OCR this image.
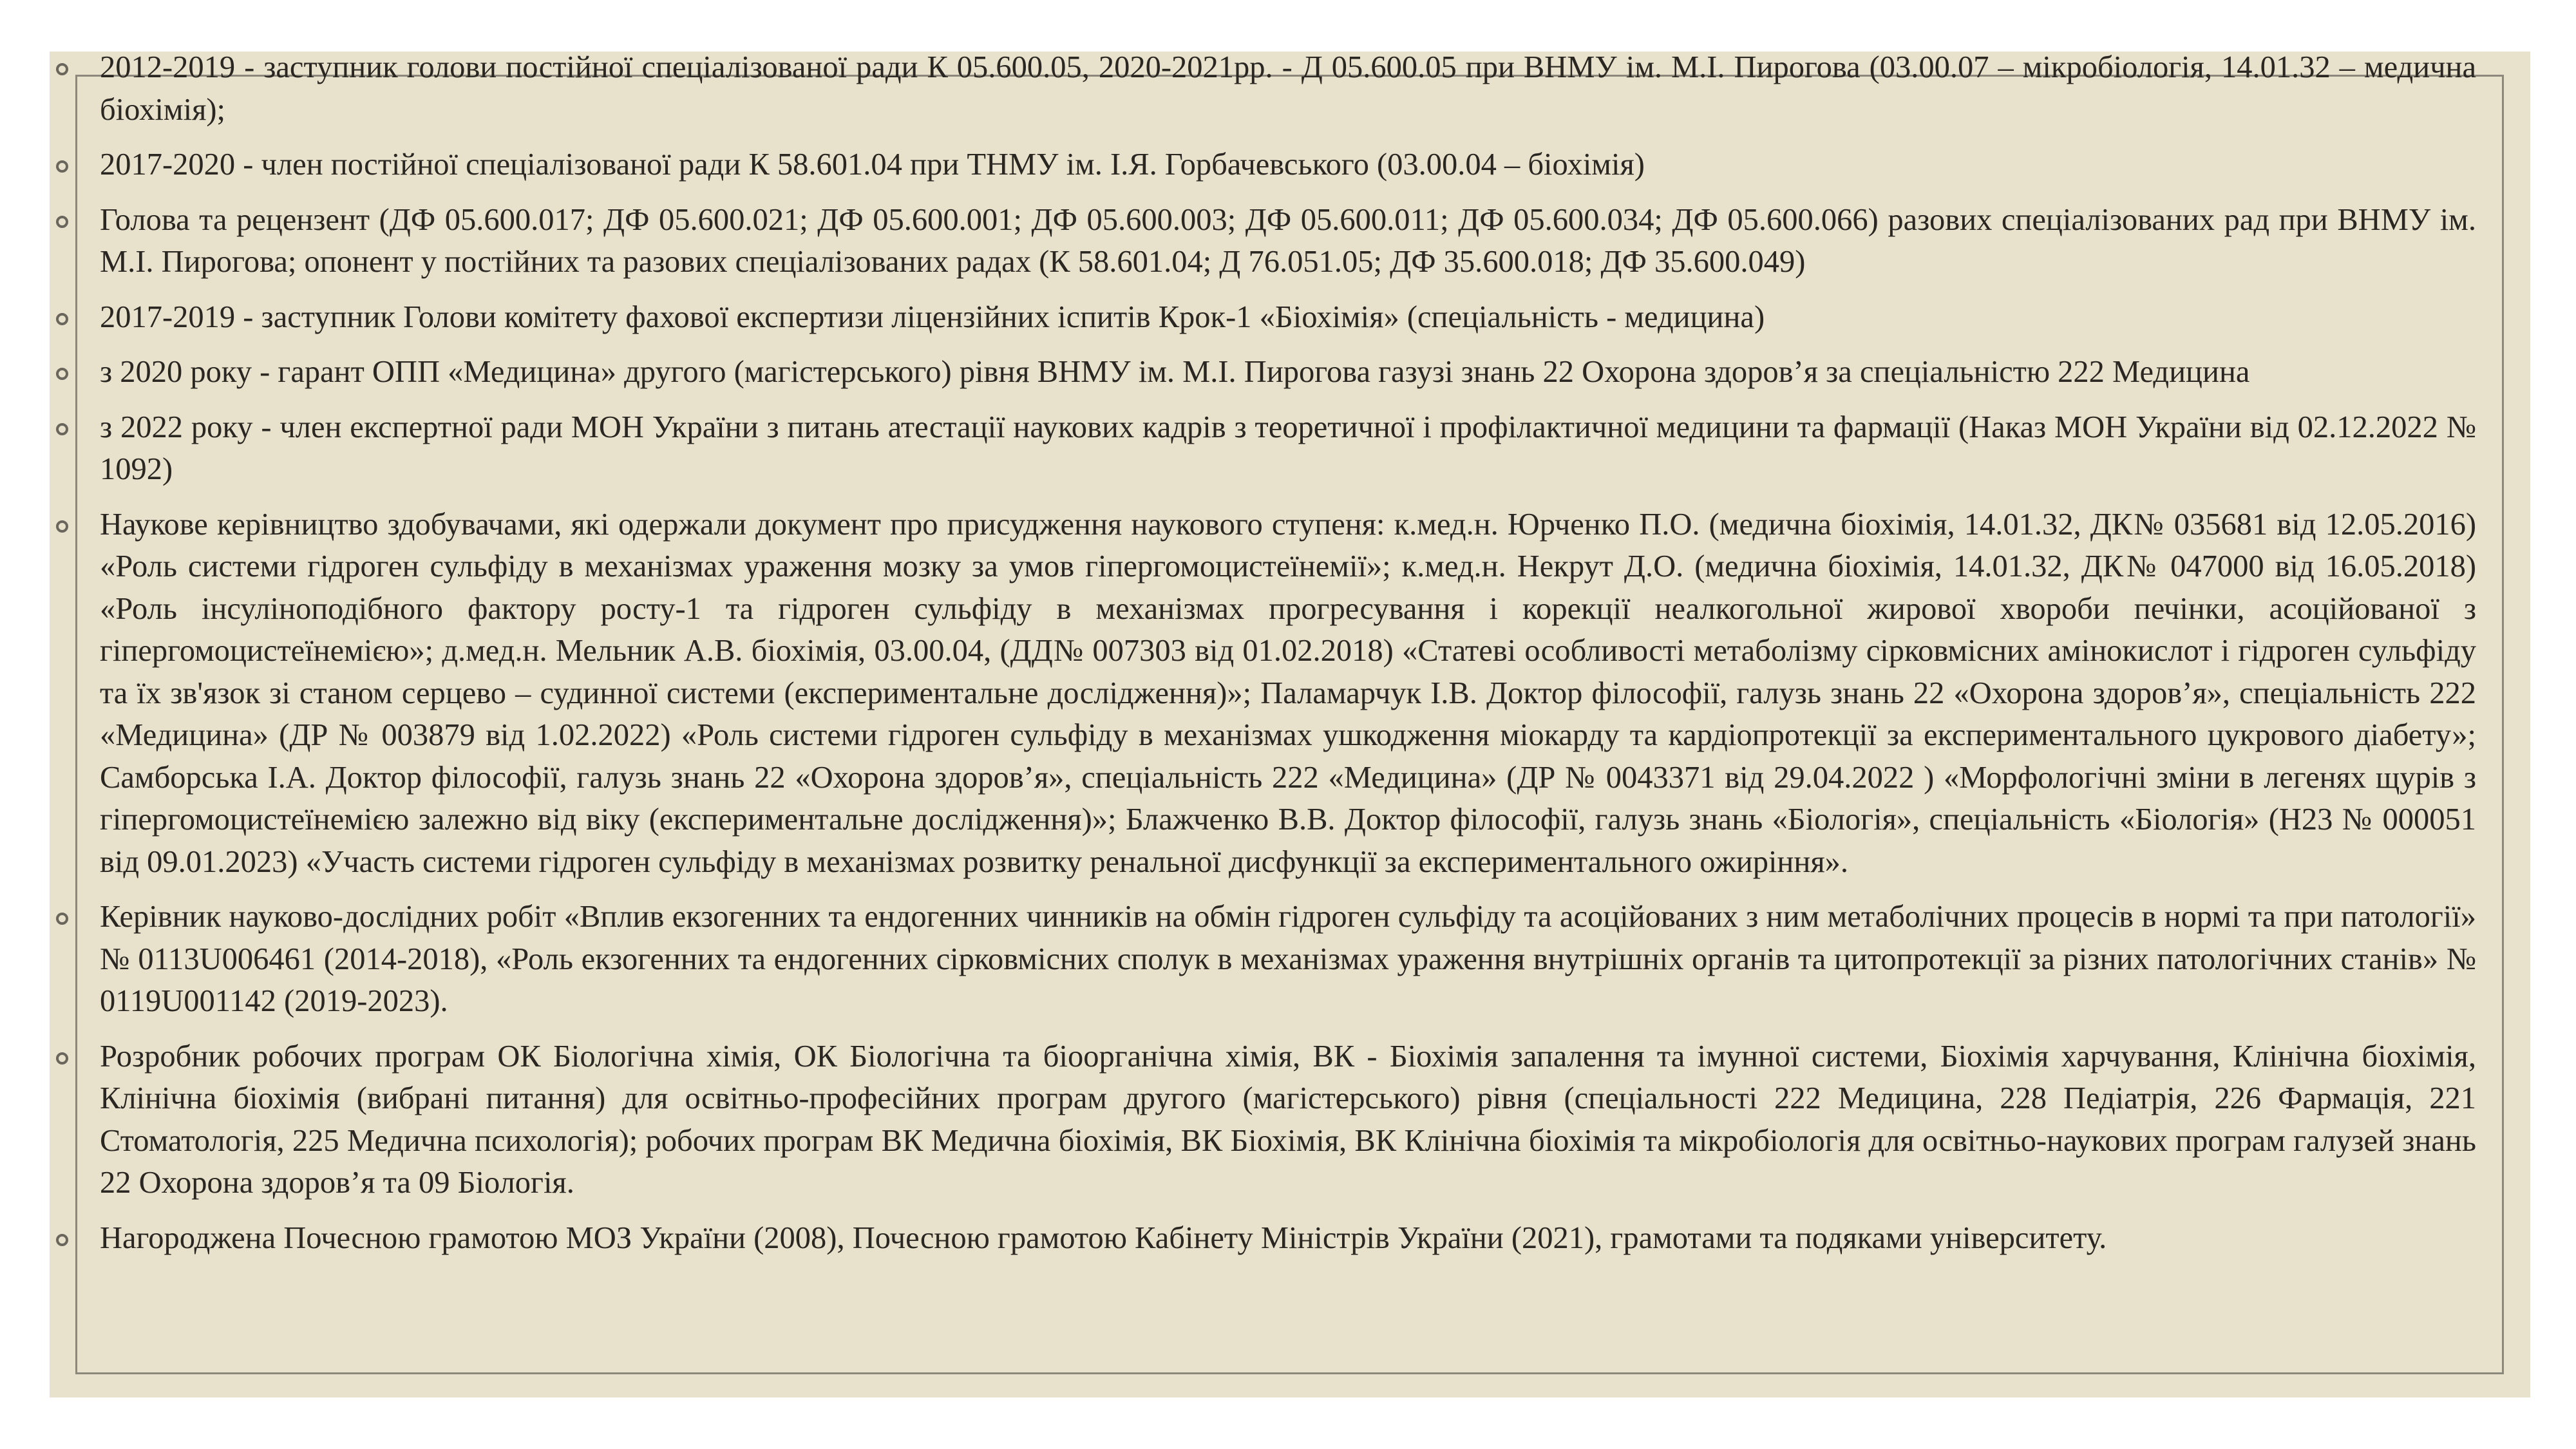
2012-2019 - заступник голови постійної спеціалізованої ради К 05.600.05, 2020-2021рр. - Д 05.600.05 при ВНМУ ім. М.І. Пирогова (03.00.07 – мікробіологія, 14.01.32 – медична біохімія);
2017-2020 - член постійної спеціалізованої ради К 58.601.04 при ТНМУ ім. І.Я. Горбачевського (03.00.04 – біохімія)
Голова та рецензент (ДФ 05.600.017; ДФ 05.600.021; ДФ 05.600.001; ДФ 05.600.003; ДФ 05.600.011; ДФ 05.600.034; ДФ 05.600.066) разових спеціалізованих рад при ВНМУ ім. М.І. Пирогова; опонент у постійних та разових спеціалізованих радах (К 58.601.04; Д 76.051.05; ДФ 35.600.018; ДФ 35.600.049)
2017-2019 - заступник Голови комітету фахової експертизи ліцензійних іспитів Крок-1 «Біохімія» (спеціальність - медицина)
з 2020 року - гарант ОПП «Медицина» другого (магістерського) рівня ВНМУ ім. М.І. Пирогова газузі знань 22 Охорона здоров’я за спеціальністю 222 Медицина
з 2022 року - член експертної ради МОН України з питань атестації наукових кадрів з теоретичної і профілактичної медицини та фармації (Наказ МОН України від 02.12.2022 № 1092)
Наукове керівництво здобувачами, які одержали документ про присудження наукового ступеня: к.мед.н. Юрченко П.О. (медична біохімія, 14.01.32, ДК№ 035681 від 12.05.2016) «Роль системи гідроген сульфіду в механізмах ураження мозку за умов гіпергомоцистеїнемії»; к.мед.н. Некрут Д.О. (медична біохімія, 14.01.32, ДК№ 047000 від 16.05.2018) «Роль інсуліноподібного фактору росту-1 та гідроген сульфіду в механізмах прогресування і корекції неалкогольної жирової хвороби печінки, асоційованої з гіпергомоцистеїнемією»; д.мед.н. Мельник А.В. біохімія, 03.00.04, (ДД№ 007303 від 01.02.2018) «Статеві особливості метаболізму сірковмісних амінокислот і гідроген сульфіду та їх зв'язок зі станом серцево – судинної системи (експериментальне дослідження)»; Паламарчук І.В. Доктор філософії, галузь знань 22 «Охорона здоров’я», спеціальність 222 «Медицина» (ДР № 003879 від 1.02.2022) «Роль системи гідроген сульфіду в механізмах ушкодження міокарду та кардіопротекції за експериментального цукрового діабету»; Самборська І.А. Доктор філософії, галузь знань 22 «Охорона здоров’я», спеціальність 222 «Медицина» (ДР № 0043371 від 29.04.2022 ) «Морфологічні зміни в легенях щурів з гіпергомоцистеїнемією залежно від віку (експериментальне дослідження)»; Блажченко В.В. Доктор філософії, галузь знань «Біологія», спеціальність «Біологія» (Н23 № 000051 від 09.01.2023) «Участь системи гідроген сульфіду в механізмах розвитку ренальної дисфункції за експериментального ожиріння».
Керівник науково-дослідних робіт «Вплив екзогенних та ендогенних чинників на обмін гідроген сульфіду та асоційованих з ним метаболічних процесів в нормі та при патології» № 0113U006461 (2014-2018), «Роль екзогенних та ендогенних сірковмісних сполук в механізмах ураження внутрішніх органів та цитопротекції за різних патологічних станів» № 0119U001142 (2019-2023).
Розробник робочих програм ОК Біологічна хімія, ОК Біологічна та біоорганічна хімія, ВК - Біохімія запалення та імунної системи, Біохімія харчування, Клінічна біохімія, Клінічна біохімія (вибрані питання) для освітньо-професійних програм другого (магістерського) рівня (спеціальності 222 Медицина, 228 Педіатрія, 226 Фармація, 221 Стоматологія, 225 Медична психологія); робочих програм ВК Медична біохімія, ВК Біохімія, ВК Клінічна біохімія та мікробіологія для освітньо-наукових програм галузей знань 22 Охорона здоров’я та 09 Біологія.
Нагороджена Почесною грамотою МОЗ України (2008), Почесною грамотою Кабінету Міністрів України (2021), грамотами та подяками університету.
